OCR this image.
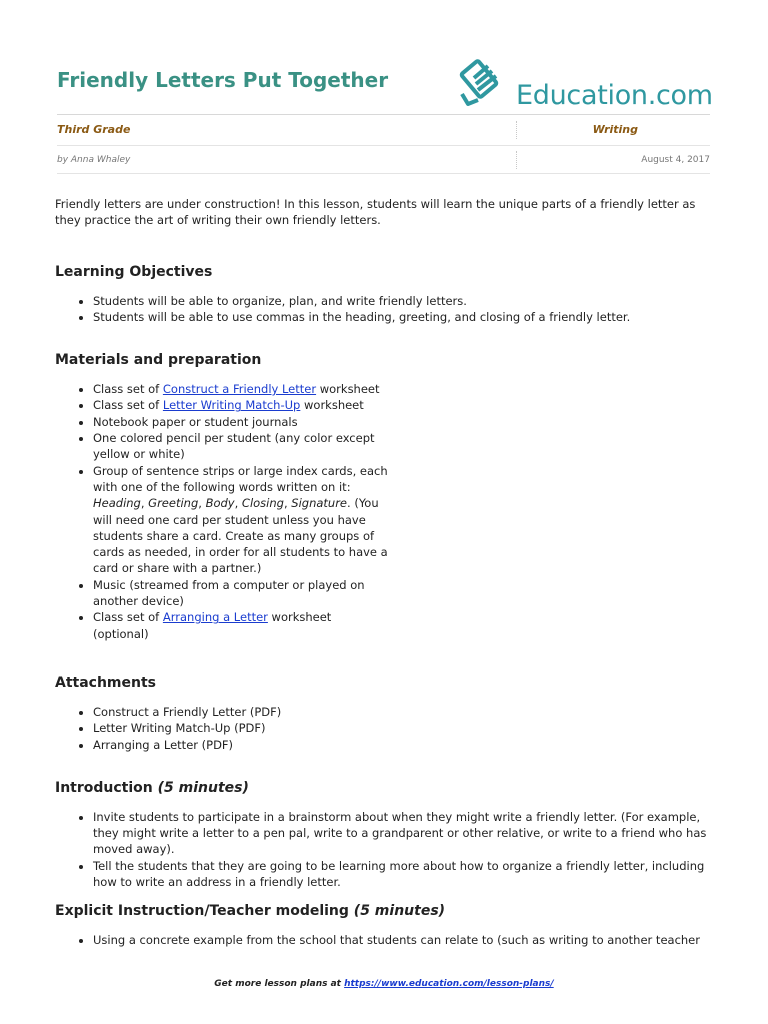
Friendly Letters Put Together	Education.com
Third Grade	Writing
by Anna Whaley	August 4, 2017

Friendly letters are under construction! In this lesson, students will learn the unique parts of a friendly letter as they practice the art of writing their own friendly letters.

Learning Objectives
• Students will be able to organize, plan, and write friendly letters.
• Students will be able to use commas in the heading, greeting, and closing of a friendly letter.
Materials and preparation
• Class set of Construct a Friendly Letter worksheet
• Class set of Letter Writing Match-Up worksheet
• Notebook paper or student journals
• One colored pencil per student (any color except yellow or white)
• Group of sentence strips or large index cards, each with one of the following words written on it: Heading, Greeting, Body, Closing, Signature. (You will need one card per student unless you have students share a card. Create as many groups of cards as needed, in order for all students to have a card or share with a partner.)
• Music (streamed from a computer or played on another device)
• Class set of Arranging a Letter worksheet (optional)
Attachments
• Construct a Friendly Letter (PDF)
• Letter Writing Match-Up (PDF)
• Arranging a Letter (PDF)
Introduction (5 minutes)
• Invite students to participate in a brainstorm about when they might write a friendly letter. (For example, they might write a letter to a pen pal, write to a grandparent or other relative, or write to a friend who has moved away).
• Tell the students that they are going to be learning more about how to organize a friendly letter, including how to write an address in a friendly letter.
Explicit Instruction/Teacher modeling (5 minutes)
• Using a concrete example from the school that students can relate to (such as writing to another teacher
Get more lesson plans at https://www.education.com/lesson-plans/
